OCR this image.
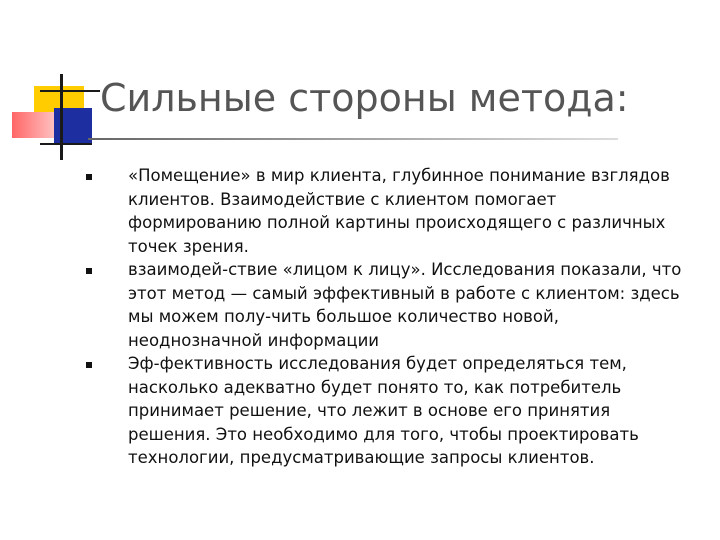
Сильные стороны метода:
«Помещение» в мир клиента, глубинное понимание взглядов клиентов. Взаимодействие с клиентом помогает формированию полной картины происходящего с различных точек зрения.
взаимодей-ствие «лицом к лицу». Исследования показали, что этот метод — самый эффективный в работе с клиентом: здесь мы можем полу-чить большое количество новой, неоднозначной информации
Эф-фективность исследования будет определяться тем, насколько адекватно будет понято то, как потребитель принимает решение, что лежит в основе его принятия решения. Это необходимо для того, чтобы проектировать технологии, предусматривающие запросы клиентов.
